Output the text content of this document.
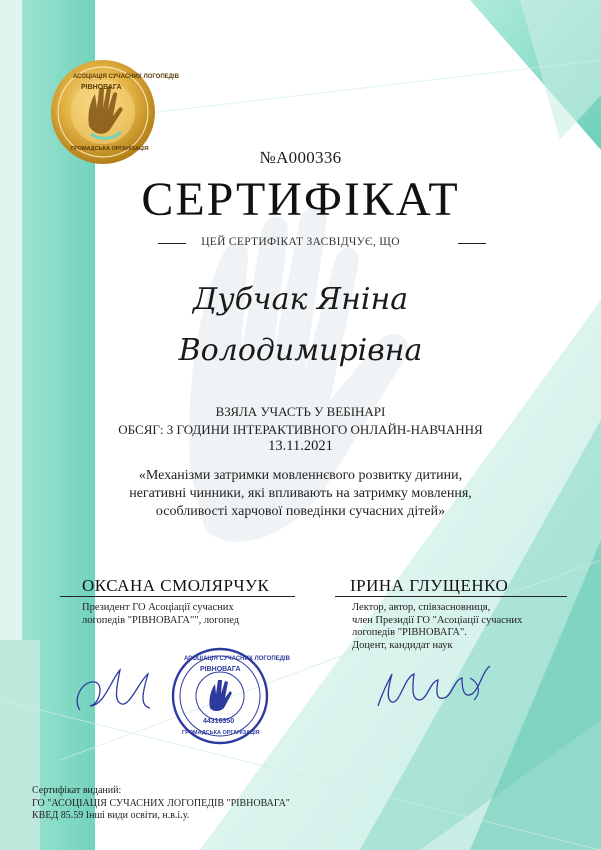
АСОЦІАЦІЯ СУЧАСНИХ ЛОГОПЕДІВ
РІВНОВАГА
ГРОМАДСЬКА ОРГАНІЗАЦІЯ	№А000336
СЕРТИФІКАТ
ЦЕЙ СЕРТИФІКАТ ЗАСВІДЧУЄ, ЩО
Дубчак Яніна
Володимирівна
ВЗЯЛА УЧАСТЬ У ВЕБІНАРІ
ОБСЯГ: 3 ГОДИНИ ІНТЕРАКТИВНОГО ОНЛАЙН-НАВЧАННЯ
13.11.2021
«Механізми затримки мовленнєвого розвитку дитини,
негативні чинники, які впливають на затримку мовлення,
особливості харчової поведінки сучасних дітей»
ОКСАНА СМОЛЯРЧУК
Президент ГО Асоціації сучасних
логопедів "РІВНОВАГА"", логопед
ІРИНА ГЛУЩЕНКО
Лектор, автор, співзасновниця,
член Президії ГО "Асоціації сучасних
логопедів "РІВНОВАГА".
Доцент, кандидат наук
АСОЦІАЦІЯ СУЧАСНИХ ЛОГОПЕДІВ
РІВНОВАГА
44316350
ГРОМАДСЬКА ОРГАНІЗАЦІЯ
Сертифікат виданий:
ГО "АСОЦІАЦІЯ СУЧАСНИХ ЛОГОПЕДІВ "РІВНОВАГА"
КВЕД 85.59 Інші види освіти, н.в.і.у.
